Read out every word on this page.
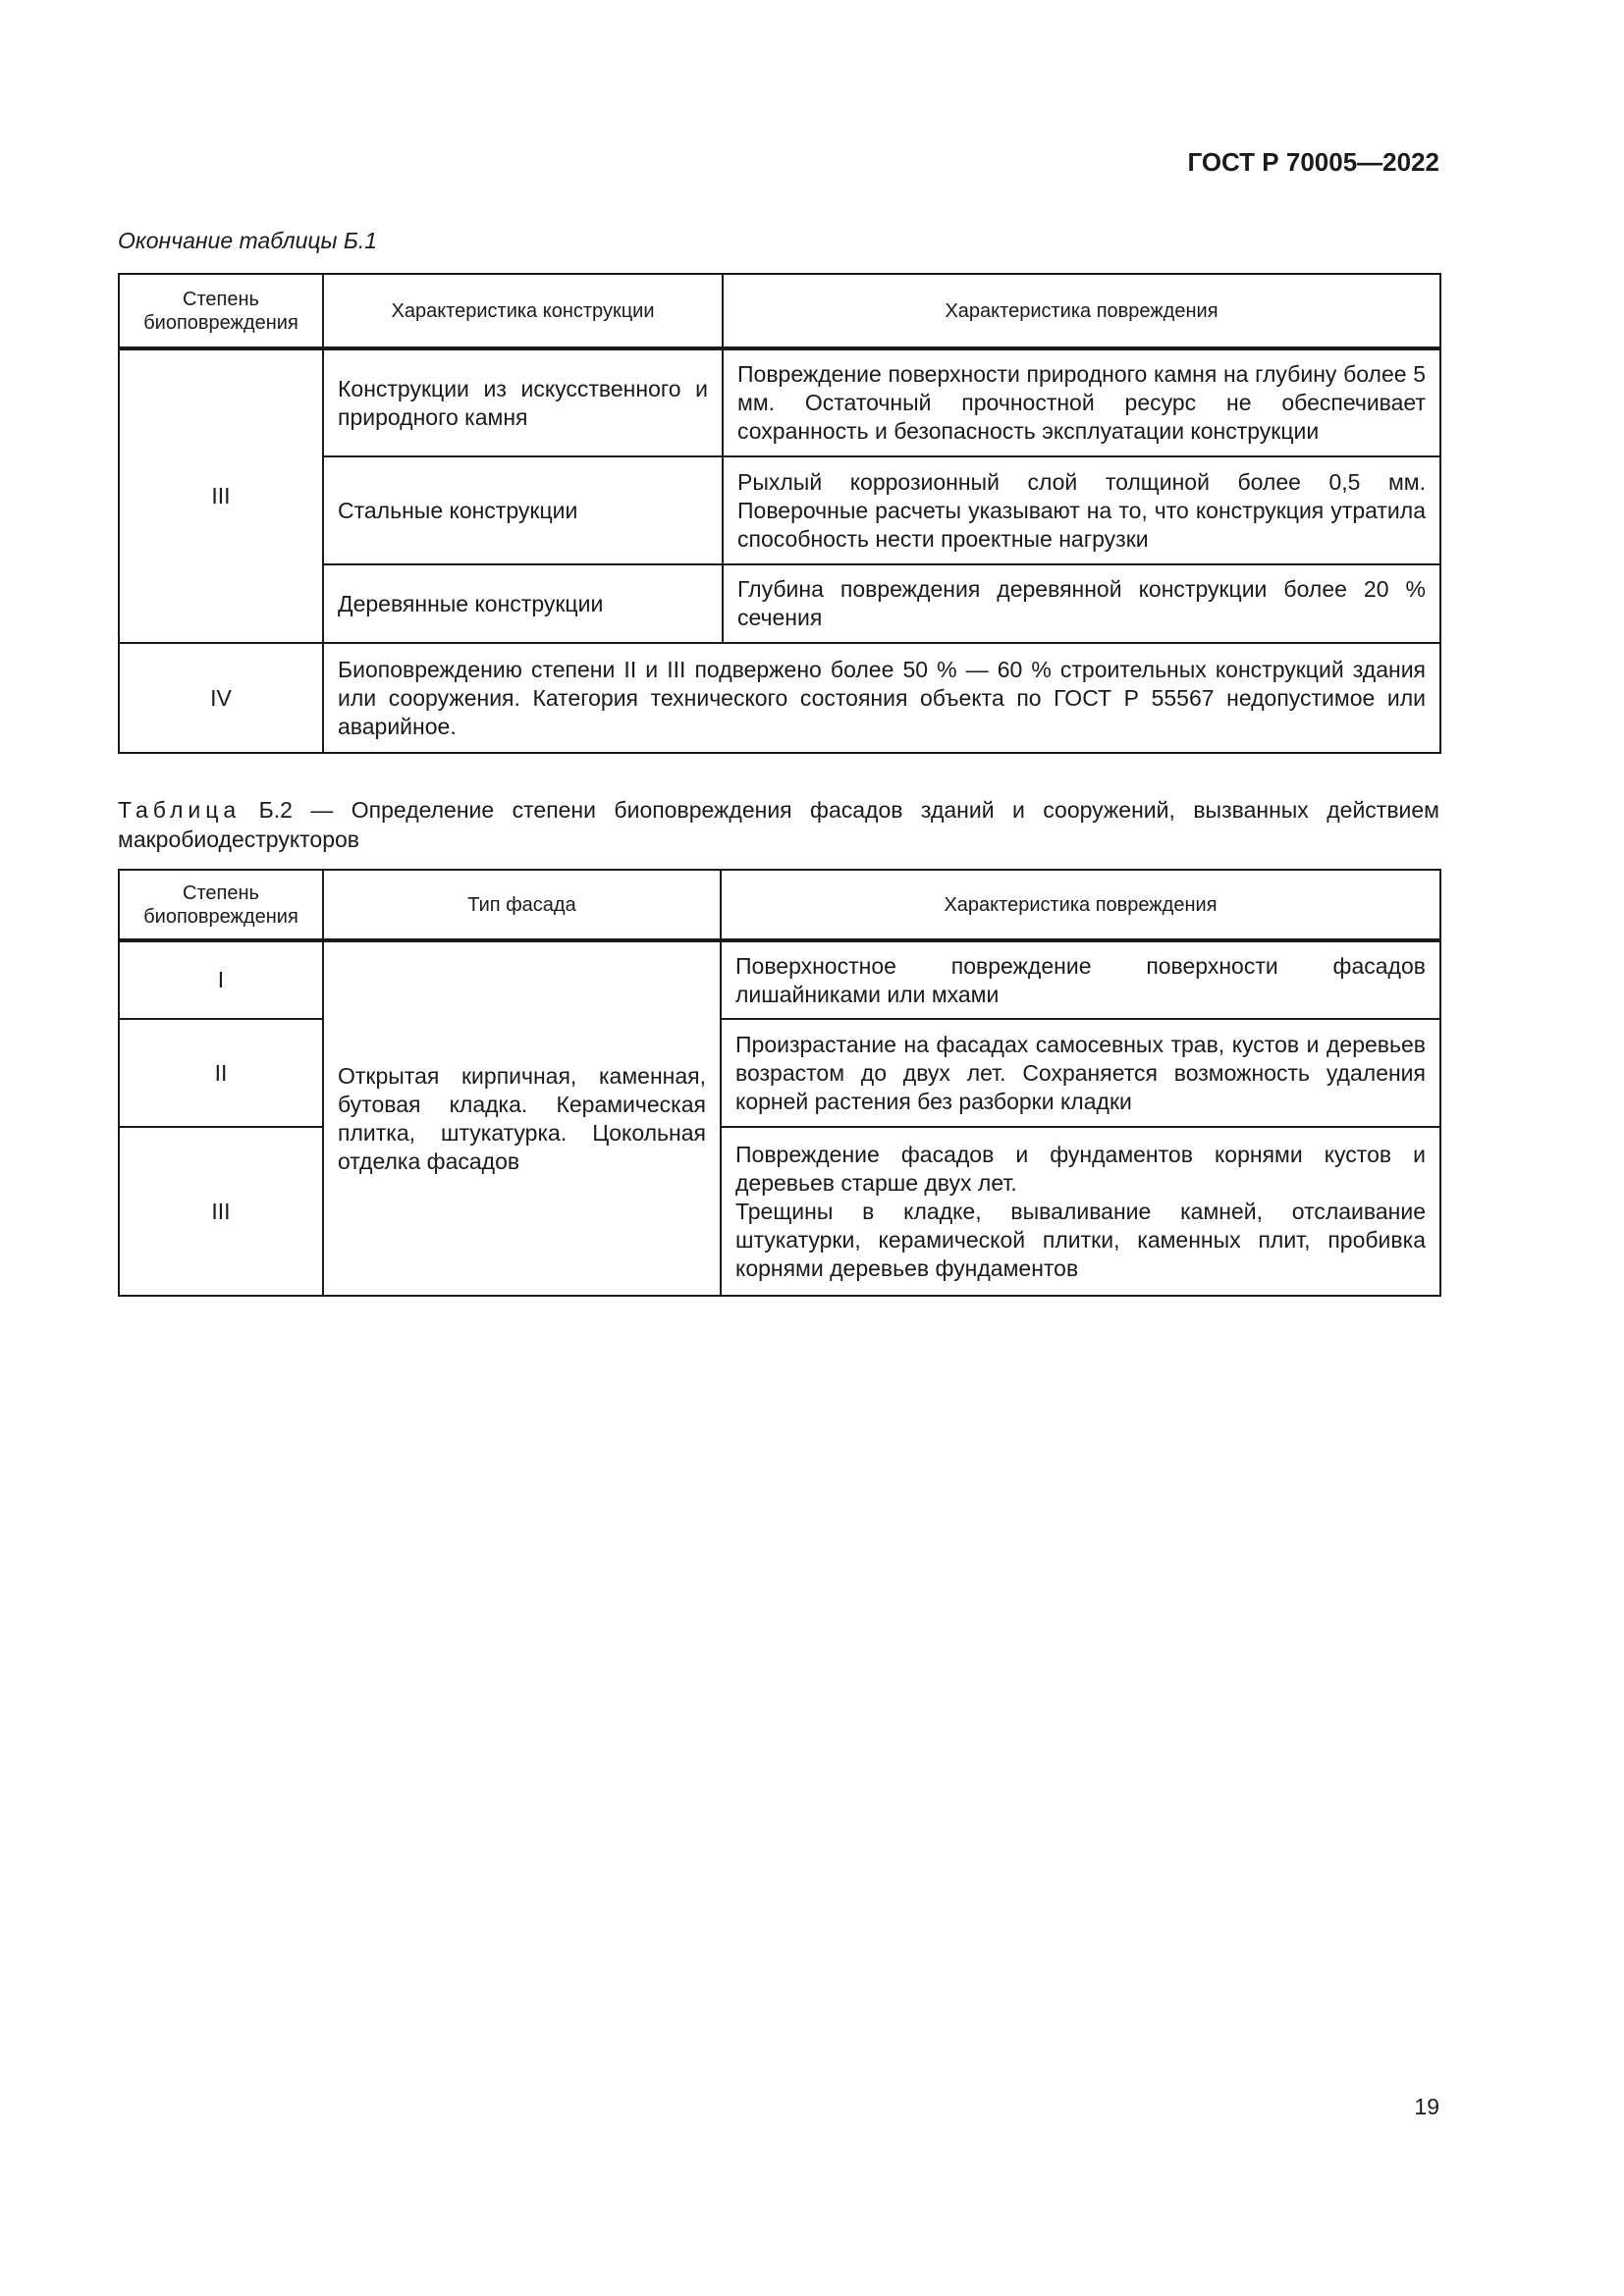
ГОСТ Р 70005—2022
Окончание таблицы Б.1
Степень биоповреждения	Характеристика конструкции	Характеристика повреждения
III	Конструкции из искусственного и природного камня	Повреждение поверхности природного камня на глубину более 5 мм. Остаточный прочностной ресурс не обеспечивает сохранность и безопасность эксплуатации конструкции
	Стальные конструкции	Рыхлый коррозионный слой толщиной более 0,5 мм. Поверочные расчеты указывают на то, что конструкция утратила способность нести проектные нагрузки
	Деревянные конструкции	Глубина повреждения деревянной конструкции более 20 % сечения
IV	Биоповреждению степени II и III подвержено более 50 % — 60 % строительных конструкций здания или сооружения. Категория технического состояния объекта по ГОСТ Р 55567 недопустимое или аварийное.	
Таблица Б.2 — Определение степени биоповреждения фасадов зданий и сооружений, вызванных действием макробиодеструкторов
Степень биоповреждения	Тип фасада	Характеристика повреждения
I	Открытая кирпичная, каменная, бутовая кладка. Керамическая плитка, штукатурка. Цокольная отделка фасадов	Поверхностное повреждение поверхности фасадов лишайниками или мхами
II		Произрастание на фасадах самосевных трав, кустов и деревьев возрастом до двух лет. Сохраняется возможность удаления корней растения без разборки кладки
III		Повреждение фасадов и фундаментов корнями кустов и деревьев старше двух лет.
Трещины в кладке, вываливание камней, отслаивание штукатурки, керамической плитки, каменных плит, пробивка корнями деревьев фундаментов
19
